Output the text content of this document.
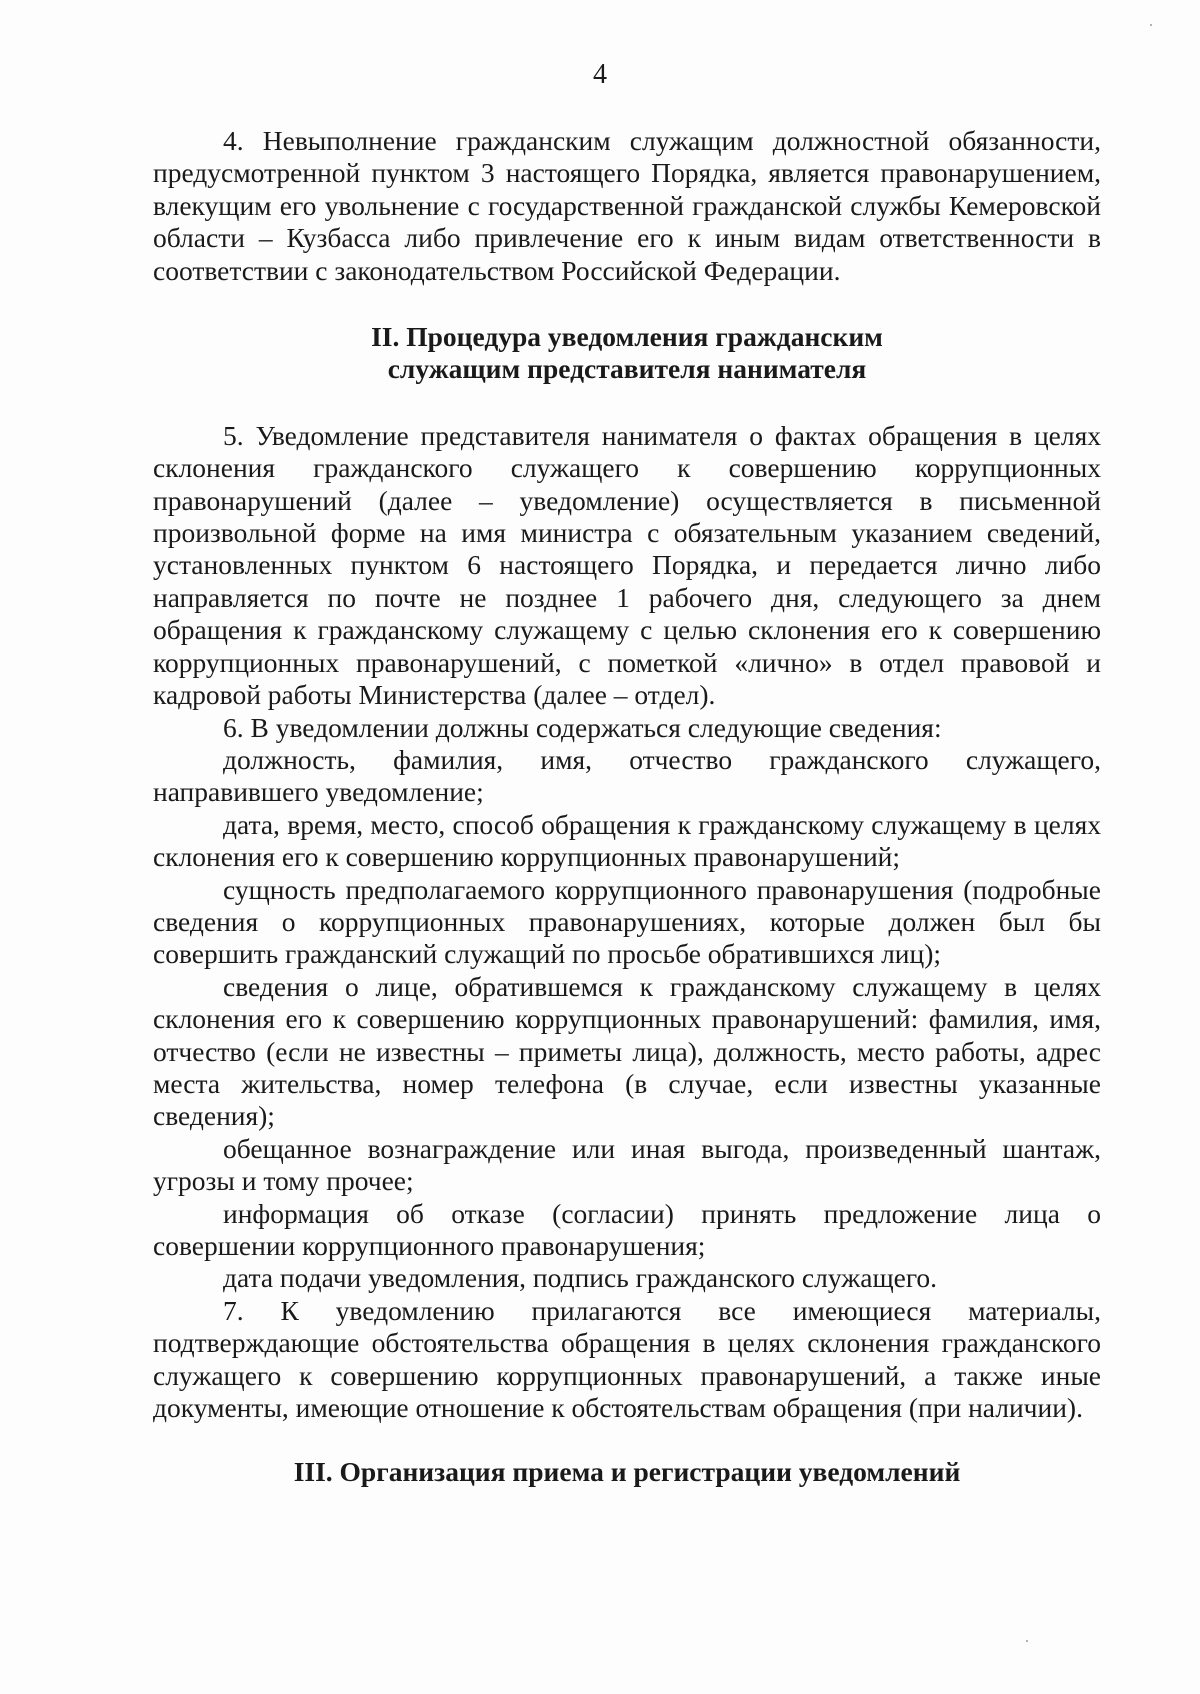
4

4. Невыполнение гражданским служащим должностной обязанности, предусмотренной пунктом 3 настоящего Порядка, является правонарушением, влекущим его увольнение с государственной гражданской службы Кемеровской области – Кузбасса либо привлечение его к иным видам ответственности в соответствии с законодательством Российской Федерации.

II. Процедура уведомления гражданским
служащим представителя нанимателя

5. Уведомление представителя нанимателя о фактах обращения в целях склонения гражданского служащего к совершению коррупционных правонарушений (далее – уведомление) осуществляется в письменной произвольной форме на имя министра с обязательным указанием сведений, установленных пунктом 6 настоящего Порядка, и передается лично либо направляется по почте не позднее 1 рабочего дня, следующего за днем обращения к гражданскому служащему с целью склонения его к совершению коррупционных правонарушений, с пометкой «лично» в отдел правовой и кадровой работы Министерства (далее – отдел).

6. В уведомлении должны содержаться следующие сведения:

должность, фамилия, имя, отчество гражданского служащего, направившего уведомление;

дата, время, место, способ обращения к гражданскому служащему в целях склонения его к совершению коррупционных правонарушений;

сущность предполагаемого коррупционного правонарушения (подробные сведения о коррупционных правонарушениях, которые должен был бы совершить гражданский служащий по просьбе обратившихся лиц);

сведения о лице, обратившемся к гражданскому служащему в целях склонения его к совершению коррупционных правонарушений: фамилия, имя, отчество (если не известны – приметы лица), должность, место работы, адрес места жительства, номер телефона (в случае, если известны указанные сведения);

обещанное вознаграждение или иная выгода, произведенный шантаж, угрозы и тому прочее;

информация об отказе (согласии) принять предложение лица о совершении коррупционного правонарушения;

дата подачи уведомления, подпись гражданского служащего.

7. К уведомлению прилагаются все имеющиеся материалы, подтверждающие обстоятельства обращения в целях склонения гражданского служащего к совершению коррупционных правонарушений, а также иные документы, имеющие отношение к обстоятельствам обращения (при наличии).

III. Организация приема и регистрации уведомлений
